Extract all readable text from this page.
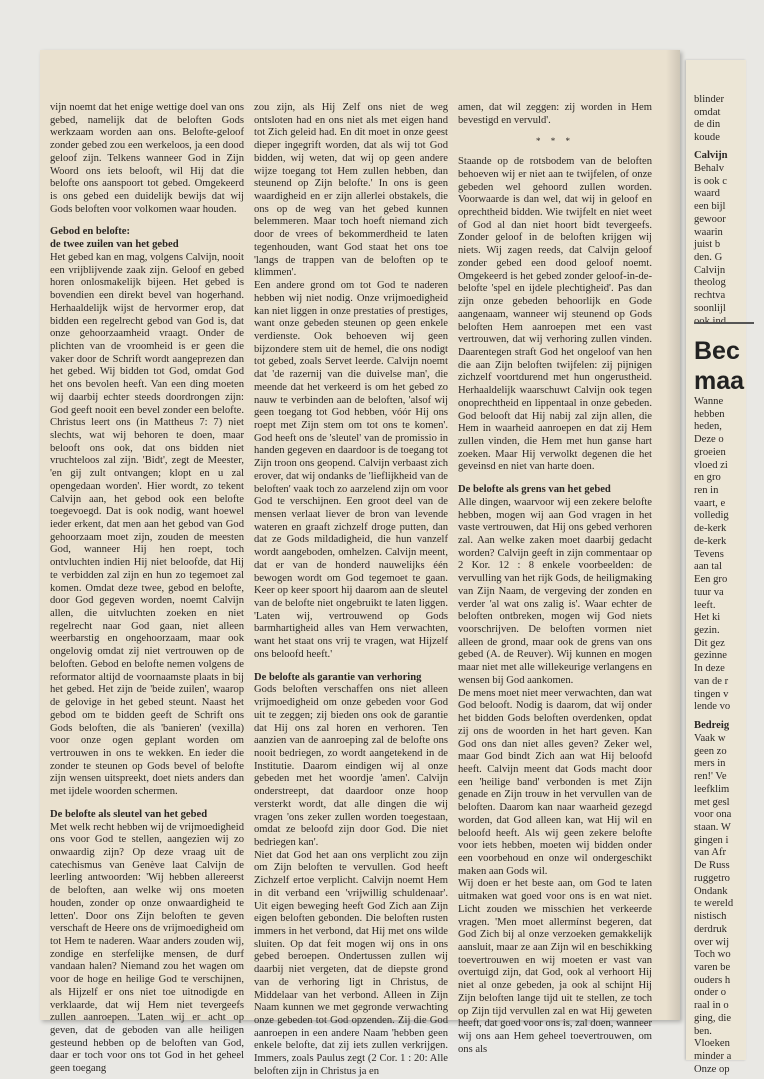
vijn noemt dat het enige wettige doel van ons gebed, namelijk dat de beloften Gods werkzaam worden aan ons. Belofte-geloof zonder gebed zou een werkeloos, ja een dood geloof zijn. Telkens wanneer God in Zijn Woord ons iets belooft, wil Hij dat die belofte ons aanspoort tot gebed. Omgekeerd is ons gebed een duidelijk bewijs dat wij Gods beloften voor volkomen waar houden.

Gebod en belofte:
de twee zuilen van het gebed

Het gebed kan en mag, volgens Calvijn, nooit een vrijblijvende zaak zijn. Geloof en gebed horen onlosmakelijk bijeen. Het gebed is bovendien een direkt bevel van hogerhand. Herhaaldelijk wijst de hervormer erop, dat bidden een regelrecht gebod van God is, dat onze gehoorzaamheid vraagt. Onder de plichten van de vroomheid is er geen die vaker door de Schrift wordt aangeprezen dan het gebed. Wij bidden tot God, omdat God het ons bevolen heeft. Van een ding moeten wij daarbij echter steeds doordrongen zijn: God geeft nooit een bevel zonder een belofte. Christus leert ons (in Mattheus 7: 7) niet slechts, wat wij behoren te doen, maar belooft ons ook, dat ons bidden niet vruchteloos zal zijn. 'Bidt', zegt de Meester, 'en gij zult ontvangen; klopt en u zal opengedaan worden'. Hier wordt, zo tekent Calvijn aan, het gebod ook een belofte toegevoegd. Dat is ook nodig, want hoewel ieder erkent, dat men aan het gebod van God gehoorzaam moet zijn, zouden de meesten God, wanneer Hij hen roept, toch ontvluchten indien Hij niet beloofde, dat Hij te verbidden zal zijn en hun zo tegemoet zal komen. Omdat deze twee, gebod en belofte, door God gegeven worden, noemt Calvijn allen, die uitvluchten zoeken en niet regelrecht naar God gaan, niet alleen weerbarstig en ongehoorzaam, maar ook ongelovig omdat zij niet vertrouwen op de beloften. Gebod en belofte nemen volgens de reformator altijd de voornaamste plaats in bij het gebed. Het zijn de 'beide zuilen', waarop de gelovige in het gebed steunt. Naast het gebod om te bidden geeft de Schrift ons Gods beloften, die als 'banieren' (vexilla) voor onze ogen geplant worden om vertrouwen in ons te wekken. En ieder die zonder te steunen op Gods bevel of belofte zijn wensen uitspreekt, doet niets anders dan met ijdele woorden schermen.

De belofte als sleutel van het gebed

Met welk recht hebben wij de vrijmoedigheid ons voor God te stellen, aangezien wij zo onwaardig zijn? Op deze vraag uit de catechismus van Genève laat Calvijn de leerling antwoorden: 'Wij hebben allereerst de beloften, aan welke wij ons moeten houden, zonder op onze onwaardigheid te letten'. Door ons Zijn beloften te geven verschaft de Heere ons de vrijmoedigheid om tot Hem te naderen. Waar anders zouden wij, zondige en sterfelijke mensen, de durf vandaan halen? Niemand zou het wagen om voor de hoge en heilige God te verschijnen, als Hijzelf er ons niet toe uitnodigde en verklaarde, dat wij Hem niet tevergeefs zullen aanroepen. 'Laten wij er acht op geven, dat de geboden van alle heiligen gesteund hebben op de beloften van God, daar er toch voor ons tot God in het geheel geen toegang

zou zijn, als Hij Zelf ons niet de weg ontsloten had en ons niet als met eigen hand tot Zich geleid had. En dit moet in onze geest dieper ingegrift worden, dat als wij tot God bidden, wij weten, dat wij op geen andere wijze toegang tot Hem zullen hebben, dan steunend op Zijn belofte.' In ons is geen waardigheid en er zijn allerlei obstakels, die ons op de weg van het gebed kunnen belemmeren. Maar toch hoeft niemand zich door de vrees of bekommerdheid te laten tegenhouden, want God staat het ons toe 'langs de trappen van de beloften op te klimmen'.

Een andere grond om tot God te naderen hebben wij niet nodig. Onze vrijmoedigheid kan niet liggen in onze prestaties of prestiges, want onze gebeden steunen op geen enkele verdienste. Ook behoeven wij geen bijzondere stem uit de hemel, die ons nodigt tot gebed, zoals Servet leerde. Calvijn noemt dat 'de razernij van die duivelse man', die meende dat het verkeerd is om het gebed zo nauw te verbinden aan de beloften, 'alsof wij geen toegang tot God hebben, vóór Hij ons roept met Zijn stem om tot ons te komen'. God heeft ons de 'sleutel' van de promissio in handen gegeven en daardoor is de toegang tot Zijn troon ons geopend. Calvijn verbaast zich erover, dat wij ondanks de 'lieflijkheid van de beloften' vaak toch zo aarzelend zijn om voor God te verschijnen. Een groot deel van de mensen verlaat liever de bron van levende wateren en graaft zichzelf droge putten, dan dat ze Gods mildadigheid, die hun vanzelf wordt aangeboden, omhelzen. Calvijn meent, dat er van de honderd nauwelijks één bewogen wordt om God tegemoet te gaan. Keer op keer spoort hij daarom aan de sleutel van de belofte niet ongebruikt te laten liggen. 'Laten wij, vertrouwend op Gods barmhartigheid alles van Hem verwachten, want het staat ons vrij te vragen, wat Hijzelf ons beloofd heeft.'

De belofte als garantie van verhoring

Gods beloften verschaffen ons niet alleen vrijmoedigheid om onze gebeden voor God uit te zeggen; zij bieden ons ook de garantie dat Hij ons zal horen en verhoren. Ten aanzien van de aanroeping zal de belofte ons nooit bedriegen, zo wordt aangetekend in de Institutie. Daarom eindigen wij al onze gebeden met het woordje 'amen'. Calvijn onderstreept, dat daardoor onze hoop versterkt wordt, dat alle dingen die wij vragen 'ons zeker zullen worden toegestaan, omdat ze beloofd zijn door God. Die niet bedriegen kan'.

Niet dat God het aan ons verplicht zou zijn om Zijn beloften te vervullen. God heeft Zichzelf ertoe verplicht. Calvijn noemt Hem in dit verband een 'vrijwillig schuldenaar'. Uit eigen beweging heeft God Zich aan Zijn eigen beloften gebonden. Die beloften rusten immers in het verbond, dat Hij met ons wilde sluiten. Op dat feit mogen wij ons in ons gebed beroepen. Ondertussen zullen wij daarbij niet vergeten, dat de diepste grond van de verhoring ligt in Christus, de Middelaar van het verbond. Alleen in Zijn Naam kunnen we met gegronde verwachting onze gebeden tot God opzenden. Zij die God aanroepen in een andere Naam 'hebben geen enkele belofte, dat zij iets zullen verkrijgen. Immers, zoals Paulus zegt (2 Cor. 1 : 20: Alle beloften zijn in Christus ja en

amen, dat wil zeggen: zij worden in Hem bevestigd en vervuld'.

* * *

Staande op de rotsbodem van de beloften behoeven wij er niet aan te twijfelen, of onze gebeden wel gehoord zullen worden. Voorwaarde is dan wel, dat wij in geloof en oprechtheid bidden. Wie twijfelt en niet weet of God al dan niet hoort bidt tevergeefs. Zonder geloof in de beloften krijgen wij niets. Wij zagen reeds, dat Calvijn geloof zonder gebed een dood geloof noemt. Omgekeerd is het gebed zonder geloof-in-de-belofte 'spel en ijdele plechtigheid'. Pas dan zijn onze gebeden behoorlijk en Gode aangenaam, wanneer wij steunend op Gods beloften Hem aanroepen met een vast vertrouwen, dat wij verhoring zullen vinden. Daarentegen straft God het ongeloof van hen die aan Zijn beloften twijfelen: zij pijnigen zichzelf voortdurend met hun ongerustheid. Herhaaldelijk waarschuwt Calvijn ook tegen onoprechtheid en lippentaal in onze gebeden. God belooft dat Hij nabij zal zijn allen, die Hem in waarheid aanroepen en dat zij Hem zullen vinden, die Hem met hun ganse hart zoeken. Maar Hij verwolkt degenen die het geveinsd en niet van harte doen.

De belofte als grens van het gebed

Alle dingen, waarvoor wij een zekere belofte hebben, mogen wij aan God vragen in het vaste vertrouwen, dat Hij ons gebed verhoren zal. Aan welke zaken moet daarbij gedacht worden? Calvijn geeft in zijn commentaar op 2 Kor. 12 : 8 enkele voorbeelden: de vervulling van het rijk Gods, de heiligmaking van Zijn Naam, de vergeving der zonden en verder 'al wat ons zalig is'. Waar echter de beloften ontbreken, mogen wij God niets voorschrijven. De beloften vormen niet alleen de grond, maar ook de grens van ons gebed (A. de Reuver). Wij kunnen en mogen maar niet met alle willekeurige verlangens en wensen bij God aankomen.

De mens moet niet meer verwachten, dan wat God belooft. Nodig is daarom, dat wij onder het bidden Gods beloften overdenken, opdat zij ons de woorden in het hart geven. Kan God ons dan niet alles geven? Zeker wel, maar God bindt Zich aan wat Hij beloofd heeft. Calvijn meent dat Gods macht door een 'heilige band' verbonden is met Zijn genade en Zijn trouw in het vervullen van de beloften. Daarom kan naar waarheid gezegd worden, dat God alleen kan, wat Hij wil en beloofd heeft. Als wij geen zekere belofte voor iets hebben, moeten wij bidden onder een voorbehoud en onze wil ondergeschikt maken aan Gods wil.

Wij doen er het beste aan, om God te laten uitmaken wat goed voor ons is en wat niet. Licht zouden we misschien het verkeerde vragen. 'Men moet allermínst begeren, dat God Zich bij al onze verzoeken gemakkelijk aansluit, maar ze aan Zijn wil en beschikking toevertrouwen en wij moeten er vast van overtuigd zijn, dat God, ook al verhoort Hij niet al onze gebeden, ja ook al schijnt Hij Zijn beloften lange tijd uit te stellen, ze toch op Zijn tijd vervullen zal en wat Hij geweten heeft, dat goed voor ons is, zal doen, wanneer wij ons aan Hem geheel toevertrouwen, om ons als

blinder
omdat
de din
koude
Calvijn
Behalv
is ook c
waard
een bijl
gewoor
waarin
juist b
den. G
Calvijn
theolog
rechtva
soonlijl
Bec
maa
Wanne
hebben
heden,
Deze o
groeien
vloed zi
en gro
ren in
vaart, e
volledig
de-kerk
de-kerk
Tevens
aan tal
Een gro
tuur va
leeft.
Het ki
gezin.
Dit gez
gezinne
In deze
van de r
tingen v
lende vo
Bedreig
Vaak w
geen zo
mers in
ren!' Ve
leefklim
met gesl
voor ona
staan. W
gingen i
van Afr
De Russ
ruggetro
Ondank
te wereld
nistisch
derdruk
over wij
Toch wo
varen be
ouders h
onder o
raal in o
ging, die
ben.
Vloeken
minder a
Onze op
